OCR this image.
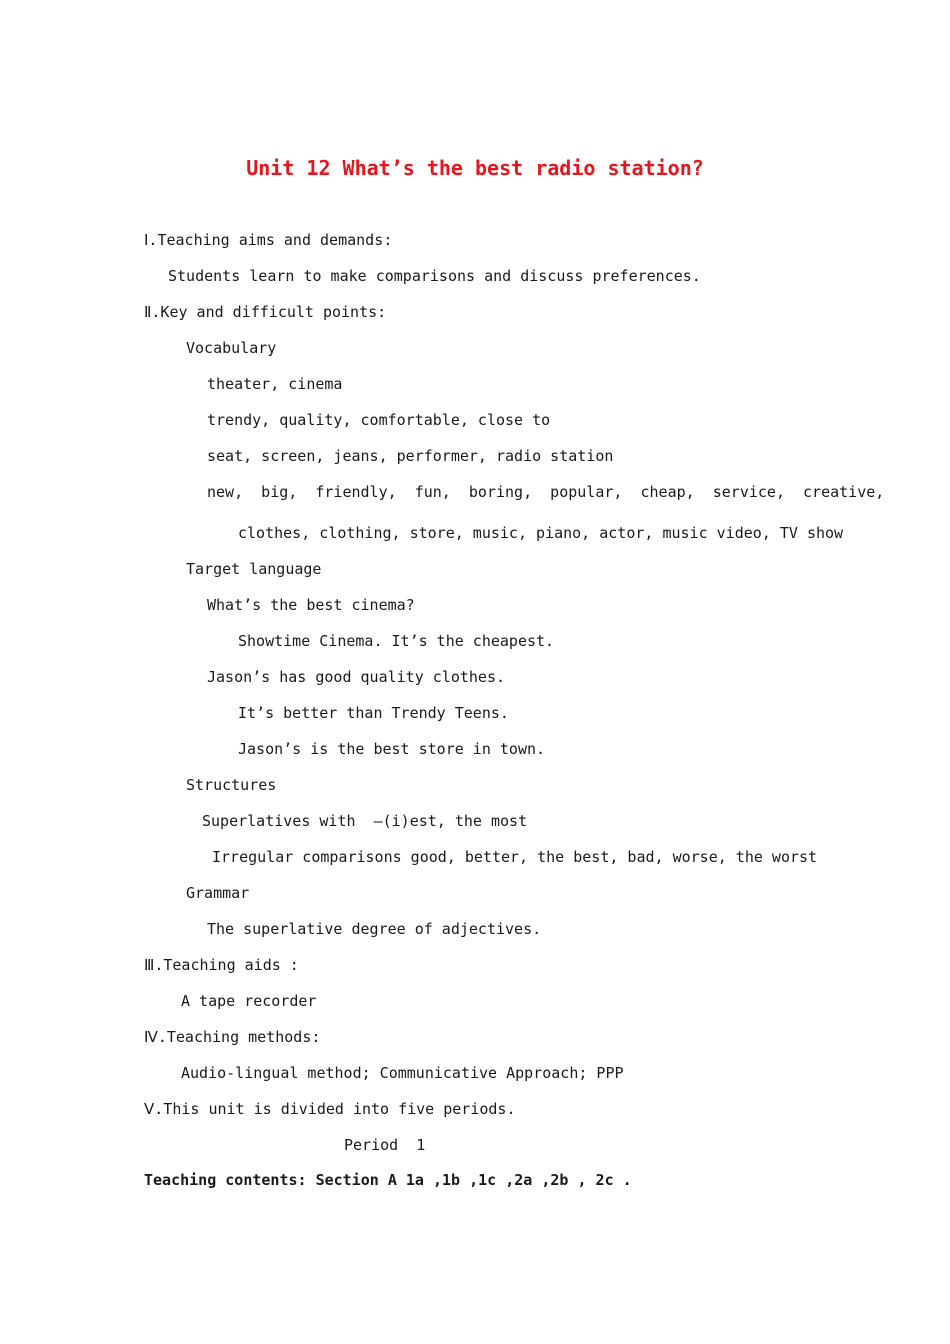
Unit 12 What’s the best radio station?
Ⅰ.Teaching aims and demands:
Students learn to make comparisons and discuss preferences.
Ⅱ.Key and difficult points:
Vocabulary
theater, cinema
trendy, quality, comfortable, close to
seat, screen, jeans, performer, radio station
new,  big,  friendly,  fun,  boring,  popular,  cheap,  service,  creative,
clothes, clothing, store, music, piano, actor, music video, TV show
Target language
What’s the best cinema?
Showtime Cinema. It’s the cheapest.
Jason’s has good quality clothes.
It’s better than Trendy Teens.
Jason’s is the best store in town.
Structures
Superlatives with  –(i)est, the most
Irregular comparisons good, better, the best, bad, worse, the worst
Grammar
The superlative degree of adjectives.
Ⅲ.Teaching aids :
A tape recorder
Ⅳ.Teaching methods:
Audio-lingual method; Communicative Approach; PPP
Ⅴ.This unit is divided into five periods.
Period  1
Teaching contents: Section A 1a ,1b ,1c ,2a ,2b , 2c .
